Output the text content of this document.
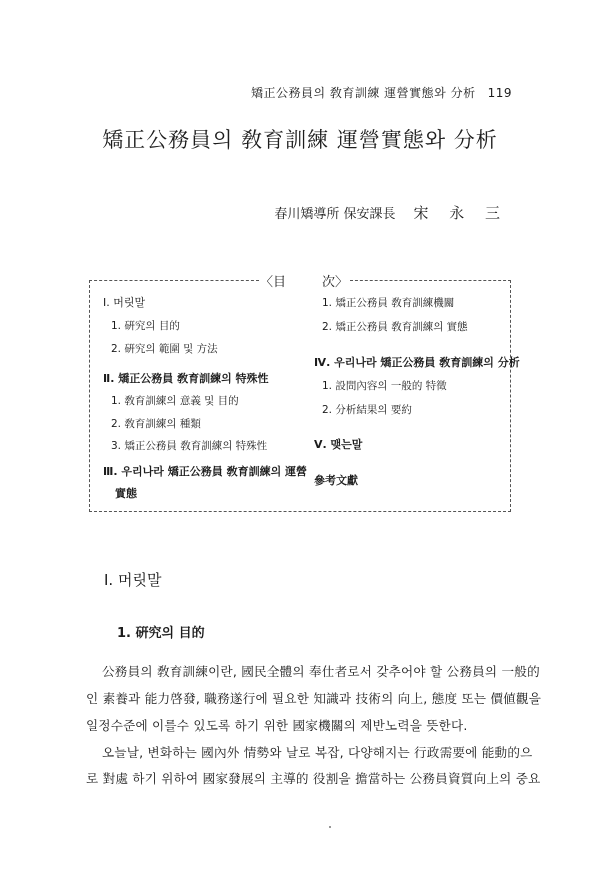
矯正公務員의 敎育訓練 運營實態와 分析 119
矯正公務員의 敎育訓練 運營實態와 分析
春川矯導所 保安課長 宋 永 三
〈目	次〉
Ⅰ. 머릿말
1. 硏究의 目的
2. 硏究의 範圍 및 方法
Ⅱ. 矯正公務員 敎育訓練의 特殊性
1. 敎育訓練의 意義 및 目的
2. 敎育訓練의 種類
3. 矯正公務員 敎育訓練의 特殊性
Ⅲ. 우리나라 矯正公務員 敎育訓練의 運營
實態
1. 矯正公務員 敎育訓練機關
2. 矯正公務員 敎育訓練의 實態
Ⅳ. 우리나라 矯正公務員 敎育訓練의 分析
1. 設問內容의 一般的 特徵
2. 分析結果의 要約
Ⅴ. 맺는말
參考文獻
Ⅰ. 머릿말
1. 硏究의 目的
公務員의 敎育訓練이란, 國民全體의 奉仕者로서 갖추어야 할 公務員의 一般的
인 素養과 能力啓發, 職務遂行에 필요한 知識과 技術의 向上, 態度 또는 價値觀을
일정수준에 이를수 있도록 하기 위한 國家機關의 제반노력을 뜻한다.
오늘날, 변화하는 國內外 情勢와 날로 복잡, 다양해지는 行政需要에 能動的으
로 對處 하기 위하여 國家發展의 主導的 役割을 擔當하는 公務員資質向上의 중요
